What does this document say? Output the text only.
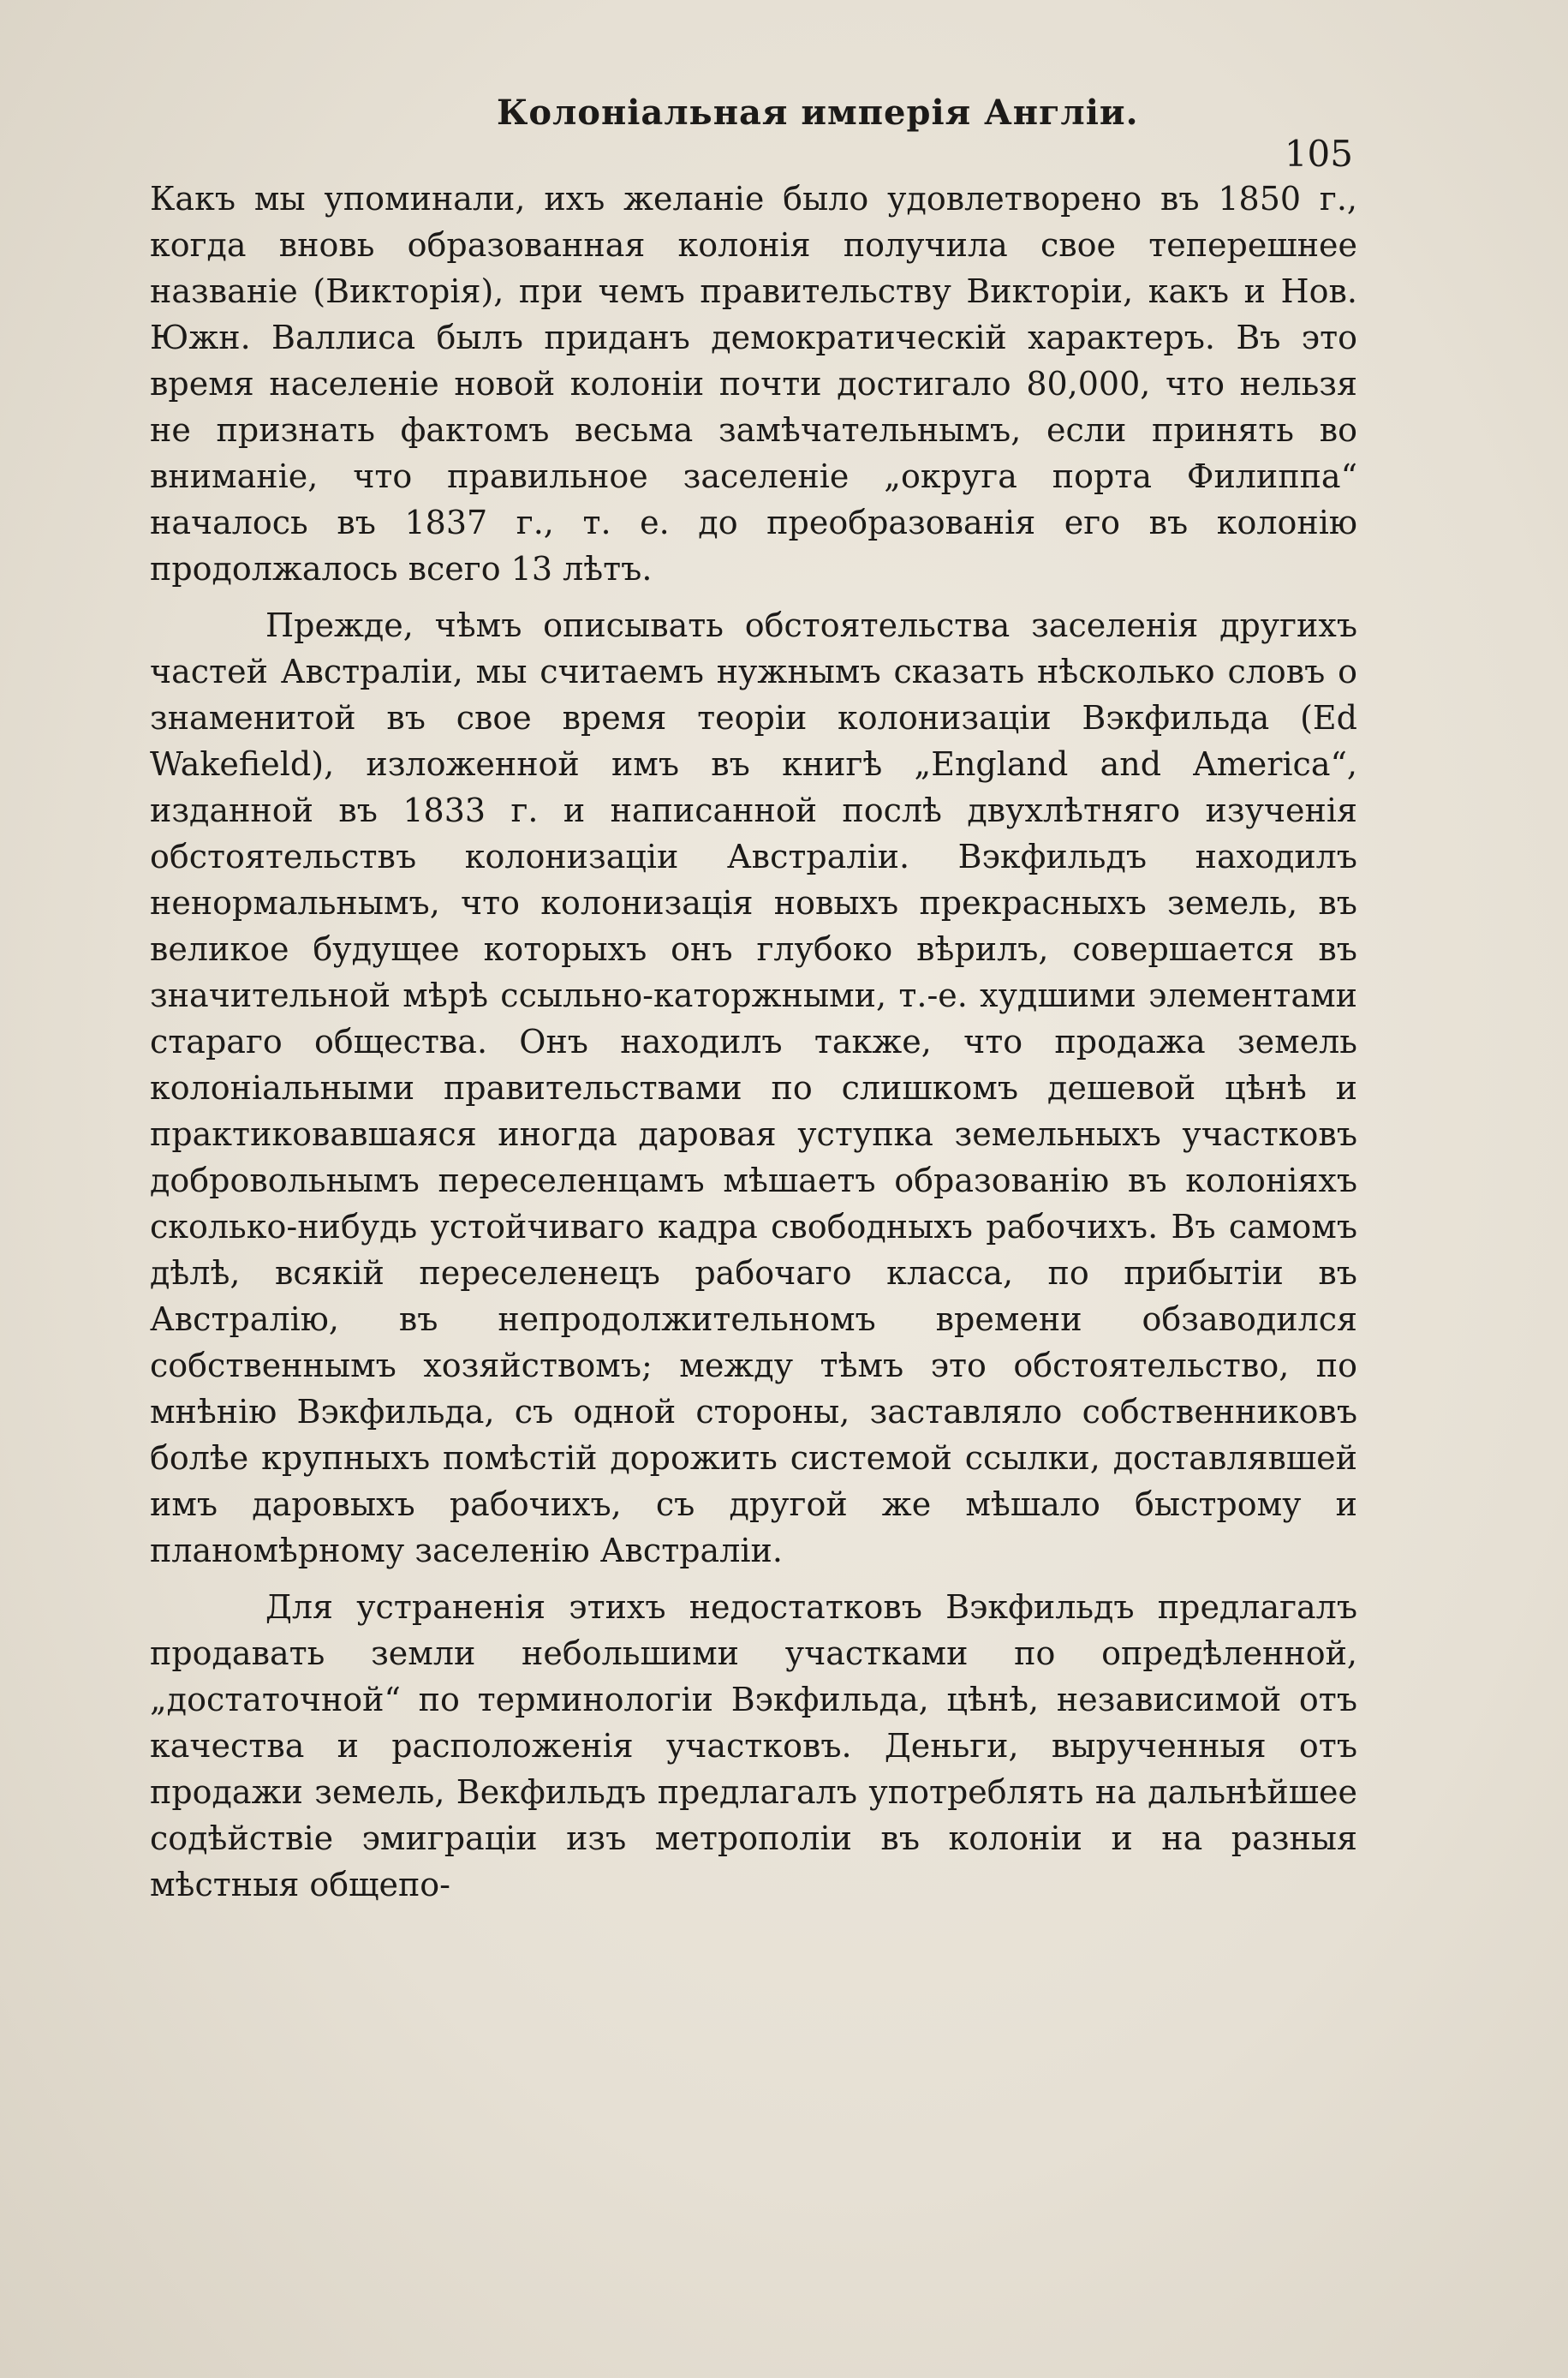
Колоніальная имперія Англіи.
105

Какъ мы упоминали, ихъ желаніе было удовлетворено въ 1850 г., когда вновь образованная колонія получила свое теперешнее названіе (Викторія), при чемъ правительству Викторіи, какъ и Нов. Южн. Валлиса былъ приданъ демократическій характеръ. Въ это время населеніе новой колоніи почти достигало 80,000, что нельзя не признать фактомъ весьма замѣчательнымъ, если принять во вниманіе, что правильное заселеніе „округа порта Филиппа“ началось въ 1837 г., т. е. до преобразованія его въ колонію продолжалось всего 13 лѣтъ.

Прежде, чѣмъ описывать обстоятельства заселенія другихъ частей Австраліи, мы считаемъ нужнымъ сказать нѣсколько словъ о знаменитой въ свое время теоріи колонизаціи Вэкфильда (Ed Wakefield), изложенной имъ въ книгѣ „England and America“, изданной въ 1833 г. и написанной послѣ двухлѣтняго изученія обстоятельствъ колонизаціи Австраліи. Вэкфильдъ находилъ ненормальнымъ, что колонизація новыхъ прекрасныхъ земель, въ великое будущее которыхъ онъ глубоко вѣрилъ, совершается въ значительной мѣрѣ ссыльно-каторжными, т.-е. худшими элементами стараго общества. Онъ находилъ также, что продажа земель колоніальными правительствами по слишкомъ дешевой цѣнѣ и практиковавшаяся иногда даровая уступка земельныхъ участковъ добровольнымъ переселенцамъ мѣшаетъ образованію въ колоніяхъ сколько-нибудь устойчиваго кадра свободныхъ рабочихъ. Въ самомъ дѣлѣ, всякій переселенецъ рабочаго класса, по прибытіи въ Австралію, въ непродолжительномъ времени обзаводился собственнымъ хозяйствомъ; между тѣмъ это обстоятельство, по мнѣнію Вэкфильда, съ одной стороны, заставляло собственниковъ болѣе крупныхъ помѣстій дорожить системой ссылки, доставлявшей имъ даровыхъ рабочихъ, съ другой же мѣшало быстрому и планомѣрному заселенію Австраліи.

Для устраненія этихъ недостатковъ Вэкфильдъ предлагалъ продавать земли небольшими участками по опредѣленной, „достаточной“ по терминологіи Вэкфильда, цѣнѣ, независимой отъ качества и расположенія участковъ. Деньги, вырученныя отъ продажи земель, Векфильдъ предлагалъ употреблять на дальнѣйшее содѣйствіе эмиграціи изъ метрополіи въ колоніи и на разныя мѣстныя общепо-
